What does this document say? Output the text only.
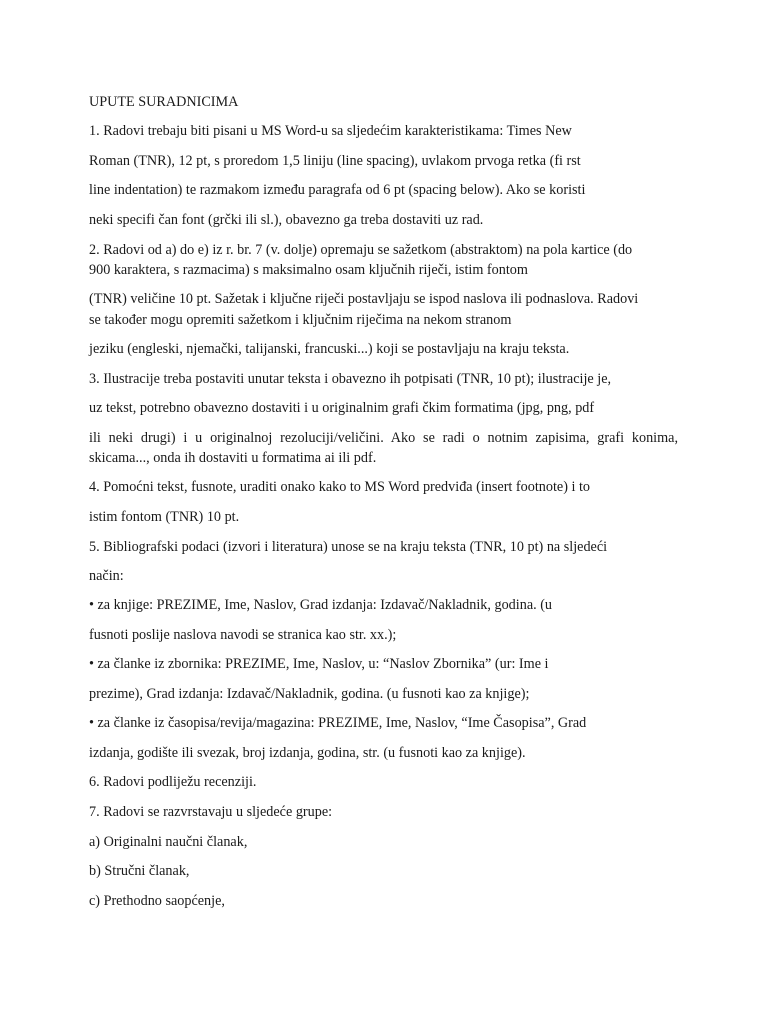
UPUTE SURADNICIMA
1. Radovi trebaju biti pisani u MS Word-u sa sljedećim karakteristikama: Times New
Roman (TNR), 12 pt, s proredom 1,5 liniju (line spacing), uvlakom prvoga retka (fi rst
line indentation) te razmakom između paragrafa od 6 pt (spacing below). Ako se koristi
neki specifi čan font (grčki ili sl.), obavezno ga treba dostaviti uz rad.
2. Radovi od a) do e) iz r. br. 7 (v. dolje) opremaju se sažetkom (abstraktom) na pola kartice (do
900 karaktera, s razmacima) s maksimalno osam ključnih riječi, istim fontom
(TNR) veličine 10 pt. Sažetak i ključne riječi postavljaju se ispod naslova ili podnaslova. Radovi
se također mogu opremiti sažetkom i ključnim riječima na nekom stranom
jeziku (engleski, njemački, talijanski, francuski...) koji se postavljaju na kraju teksta.
3. Ilustracije treba postaviti unutar teksta i obavezno ih potpisati (TNR, 10 pt); ilustracije je,
uz tekst, potrebno obavezno dostaviti i u originalnim grafi čkim formatima (jpg, png, pdf
ili neki drugi) i u originalnoj rezoluciji/veličini. Ako se radi o notnim zapisima, grafi konima,
skicama..., onda ih dostaviti u formatima ai ili pdf.
4. Pomoćni tekst, fusnote, uraditi onako kako to MS Word predviđa (insert footnote) i to
istim fontom (TNR) 10 pt.
5. Bibliografski podaci (izvori i literatura) unose se na kraju teksta (TNR, 10 pt) na sljedeći
način:
• za knjige: PREZIME, Ime, Naslov, Grad izdanja: Izdavač/Nakladnik, godina. (u
fusnoti poslije naslova navodi se stranica kao str. xx.);
• za članke iz zbornika: PREZIME, Ime, Naslov, u: “Naslov Zbornika” (ur: Ime i
prezime), Grad izdanja: Izdavač/Nakladnik, godina. (u fusnoti kao za knjige);
• za članke iz časopisa/revija/magazina: PREZIME, Ime, Naslov, “Ime Časopisa”, Grad
izdanja, godište ili svezak, broj izdanja, godina, str. (u fusnoti kao za knjige).
6. Radovi podliježu recenziji.
7. Radovi se razvrstavaju u sljedeće grupe:
a) Originalni naučni članak,
b) Stručni članak,
c) Prethodno saopćenje,
